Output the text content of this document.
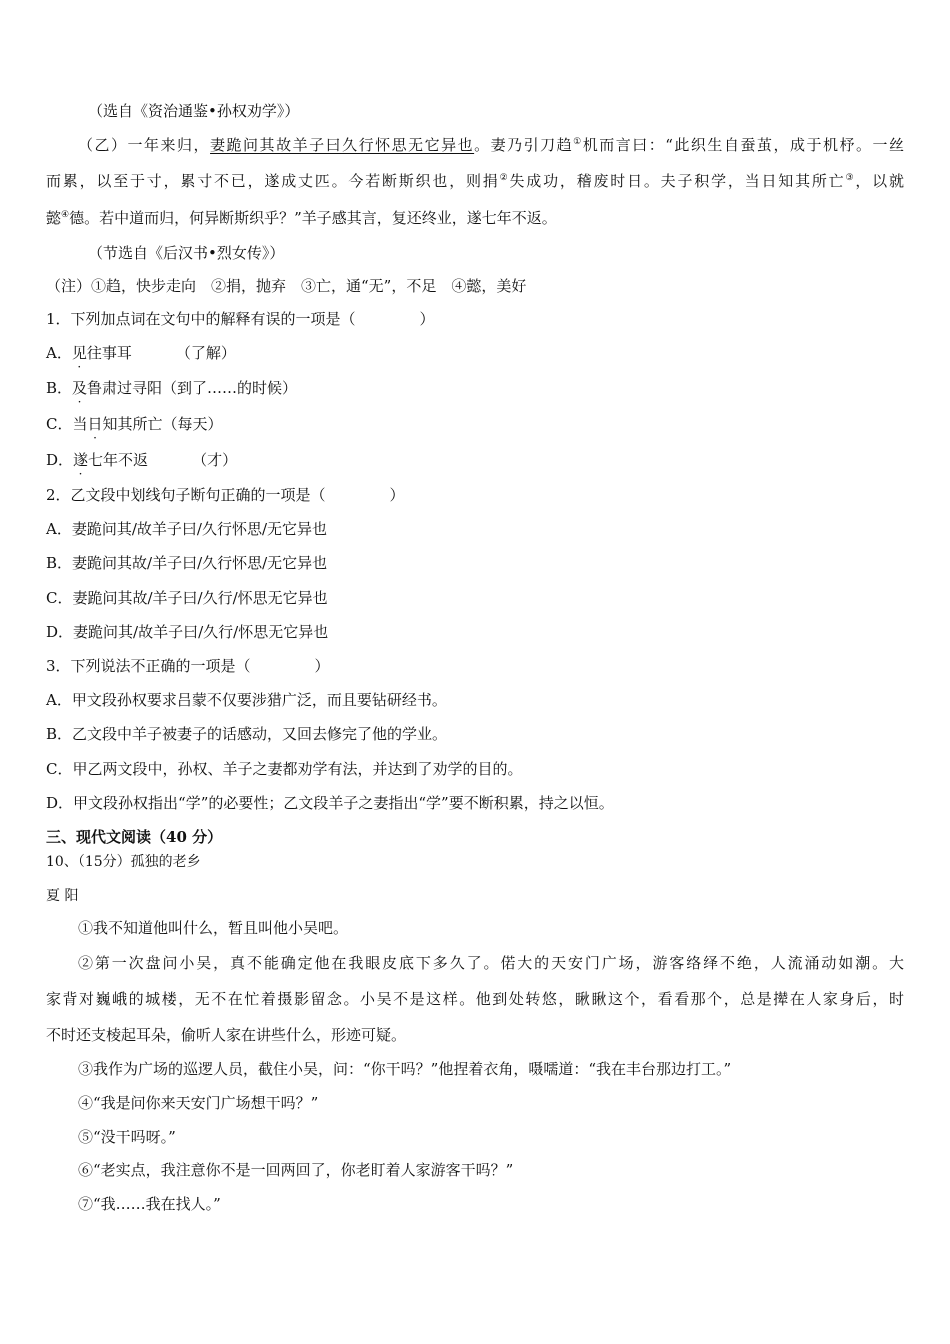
（选自《资治通鉴•孙权劝学》）
（乙）一年来归，妻跪问其故羊子曰久行怀思无它异也。妻乃引刀趋①机而言曰：“此织生自蚕茧，成于机杼。一丝
而累，以至于寸，累寸不已，遂成丈匹。今若断斯织也，则捐②失成功，稽废时日。夫子积学，当日知其所亡③，以就
懿④德。若中道而归，何异断斯织乎？”羊子感其言，复还终业，遂七年不返。
（节选自《后汉书•烈女传》）
（注）①趋，快步走向　②捐，抛弃　③亡，通“无”，不足　④懿，美好
1．下列加点词在文句中的解释有误的一项是（	）
A．见往事耳	（了解）
B．及鲁肃过寻阳（到了……的时候）
C．当日知其所亡（每天）
D．遂七年不返	（才）
2．乙文段中划线句子断句正确的一项是（	）
A．妻跪问其/故羊子曰/久行怀思/无它异也
B．妻跪问其故/羊子曰/久行怀思/无它异也
C．妻跪问其故/羊子曰/久行/怀思无它异也
D．妻跪问其/故羊子曰/久行/怀思无它异也
3．下列说法不正确的一项是（	）
A．甲文段孙权要求吕蒙不仅要涉猎广泛，而且要钻研经书。
B．乙文段中羊子被妻子的话感动，又回去修完了他的学业。
C．甲乙两文段中，孙权、羊子之妻都劝学有法，并达到了劝学的目的。
D．甲文段孙权指出“学”的必要性；乙文段羊子之妻指出“学”要不断积累，持之以恒。
三、现代文阅读（40 分）
10、（15分）孤独的老乡
夏 阳
①我不知道他叫什么，暂且叫他小吴吧。
②第一次盘问小吴，真不能确定他在我眼皮底下多久了。偌大的天安门广场，游客络绎不绝，人流涌动如潮。大
家背对巍峨的城楼，无不在忙着摄影留念。小吴不是这样。他到处转悠，瞅瞅这个，看看那个，总是撵在人家身后，时
不时还支棱起耳朵，偷听人家在讲些什么，形迹可疑。
③我作为广场的巡逻人员，截住小吴，问：“你干吗？”他捏着衣角，嗫嚅道：“我在丰台那边打工。”
④“我是问你来天安门广场想干吗？”
⑤“没干吗呀。”
⑥“老实点，我注意你不是一回两回了，你老盯着人家游客干吗？”
⑦“我……我在找人。”
